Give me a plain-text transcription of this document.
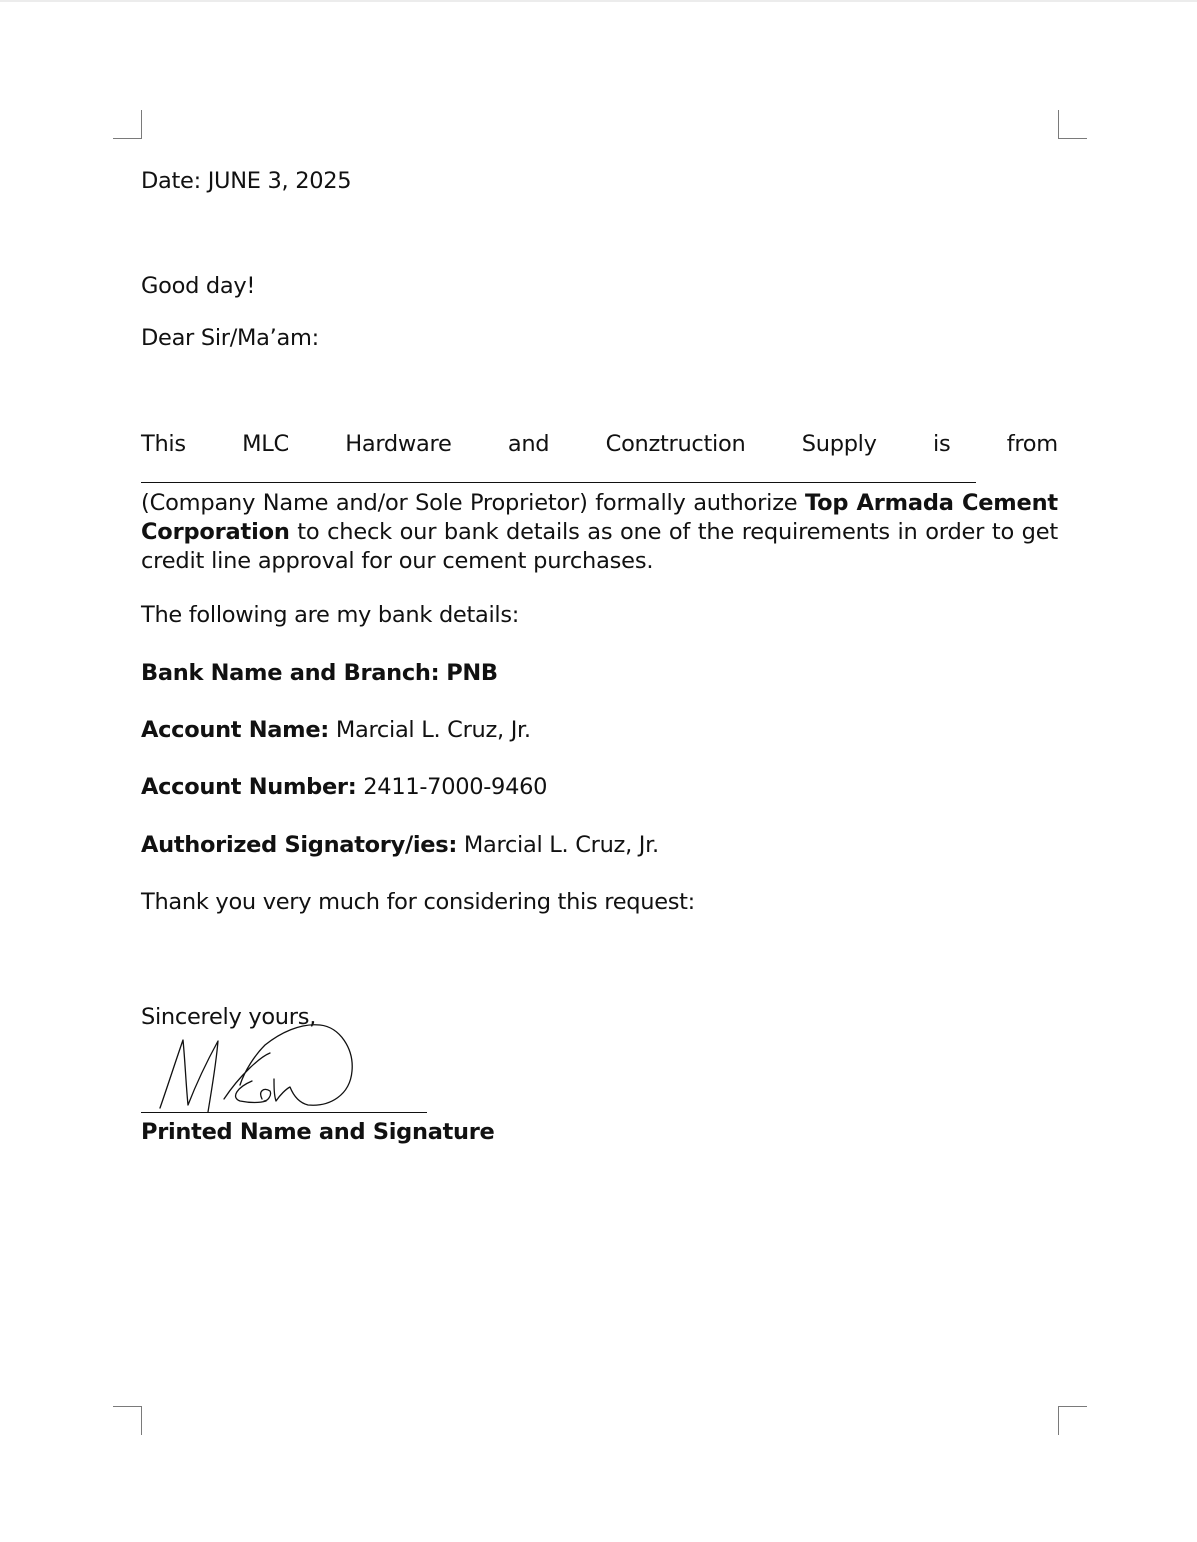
Date: JUNE 3, 2025
Good day!
Dear Sir/Ma’am:
This	MLC	Hardware	and	Conztruction	Supply	is	from
(Company Name and/or Sole Proprietor) formally authorize Top Armada Cement Corporation to check our bank details as one of the requirements in order to get credit line approval for our cement purchases.
The following are my bank details:
Bank Name and Branch: PNB
Account Name: Marcial L. Cruz, Jr.
Account Number: 2411-7000-9460
Authorized Signatory/ies: Marcial L. Cruz, Jr.
Thank you very much for considering this request:
Sincerely yours,
Printed Name and Signature
